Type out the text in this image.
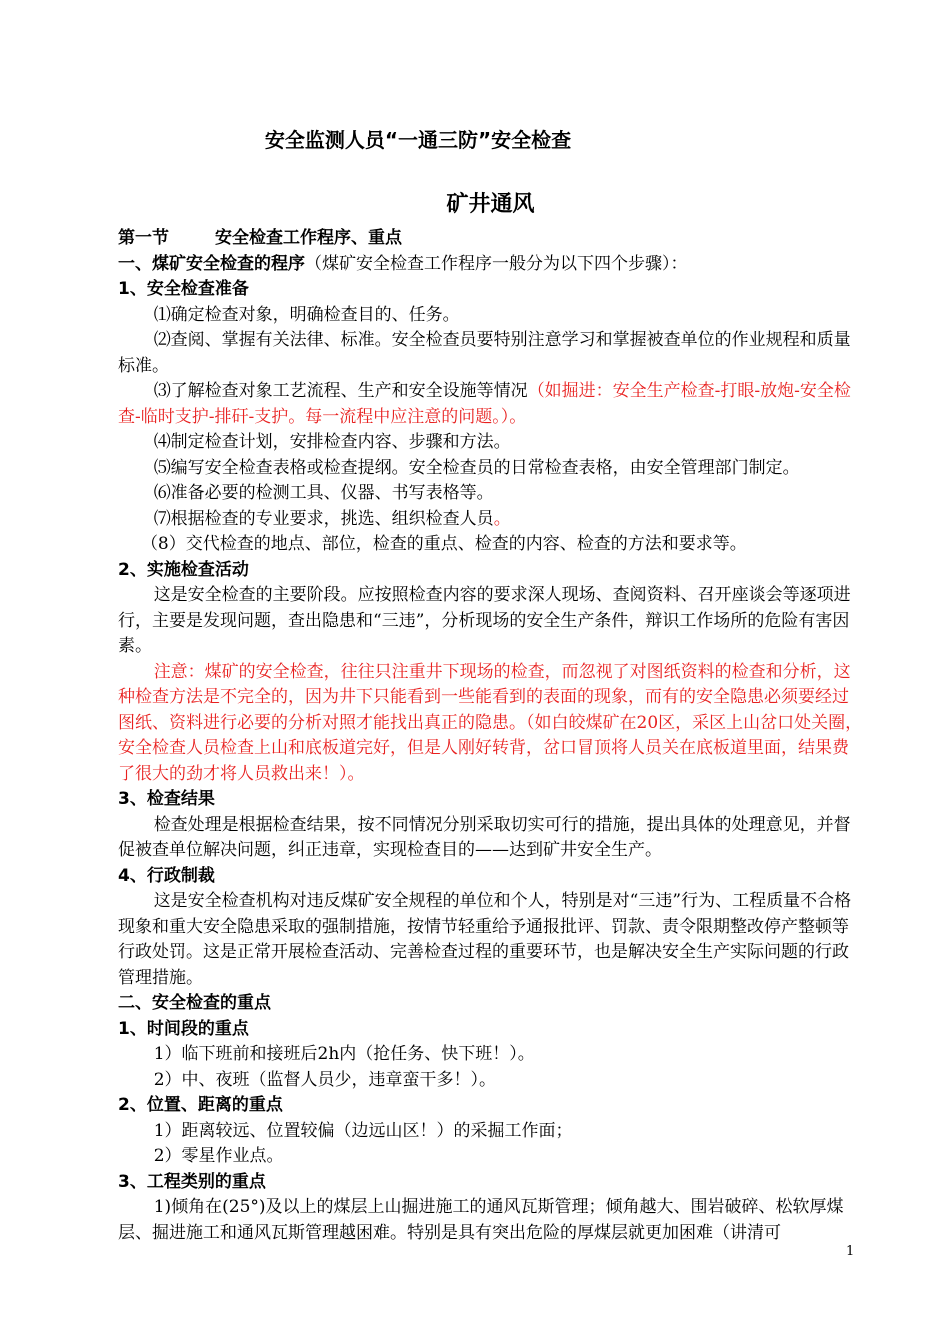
安全监测人员“一通三防”安全检查
矿井通风

第一节	安全检查工作程序、重点

一、煤矿安全检查的程序（煤矿安全检查工作程序一般分为以下四个步骤）：

1、安全检查准备

⑴确定检查对象，明确检查目的、任务。

⑵查阅、掌握有关法律、标准。安全检查员要特别注意学习和掌握被查单位的作业规程和质量标准。

⑶了解检查对象工艺流程、生产和安全设施等情况（如掘进：安全生产检查-打眼-放炮-安全检查-临时支护-排矸-支护。每一流程中应注意的问题。）。

⑷制定检查计划，安排检查内容、步骤和方法。

⑸编写安全检查表格或检查提纲。安全检查员的日常检查表格，由安全管理部门制定。

⑹准备必要的检测工具、仪器、书写表格等。

⑺根据检查的专业要求，挑选、组织检查人员。

（8）交代检查的地点、部位，检查的重点、检查的内容、检查的方法和要求等。

2、实施检查活动

这是安全检查的主要阶段。应按照检查内容的要求深人现场、查阅资料、召开座谈会等逐项进行，主要是发现问题，查出隐患和“三违”，分析现场的安全生产条件，辩识工作场所的危险有害因素。

注意：煤矿的安全检查，往往只注重井下现场的检查，而忽视了对图纸资料的检查和分析，这种检查方法是不完全的，因为井下只能看到一些能看到的表面的现象，而有的安全隐患必须要经过图纸、资料进行必要的分析对照才能找出真正的隐患。（如白皎煤矿在20区，采区上山岔口处关圈，安全检查人员检查上山和底板道完好，但是人刚好转背，岔口冒顶将人员关在底板道里面，结果费了很大的劲才将人员救出来！）。

3、检查结果

检查处理是根据检查结果，按不同情况分别采取切实可行的措施，提出具体的处理意见，并督促被查单位解决问题，纠正违章，实现检查目的——达到矿井安全生产。

4、行政制裁

这是安全检查机构对违反煤矿安全规程的单位和个人，特别是对“三违”行为、工程质量不合格现象和重大安全隐患采取的强制措施，按情节轻重给予通报批评、罚款、责令限期整改停产整顿等行政处罚。这是正常开展检查活动、完善检查过程的重要环节，也是解决安全生产实际问题的行政管理措施。

二、安全检查的重点

1、时间段的重点

1）临下班前和接班后2h内（抢任务、快下班！）。

2）中、夜班（监督人员少，违章蛮干多！）。

2、位置、距离的重点

1）距离较远、位置较偏（边远山区！）的采掘工作面；

2）零星作业点。

3、工程类别的重点

1)倾角在(25°)及以上的煤层上山掘进施工的通风瓦斯管理；倾角越大、围岩破碎、松软厚煤层、掘进施工和通风瓦斯管理越困难。特别是具有突出危险的厚煤层就更加困难（讲清可

1
